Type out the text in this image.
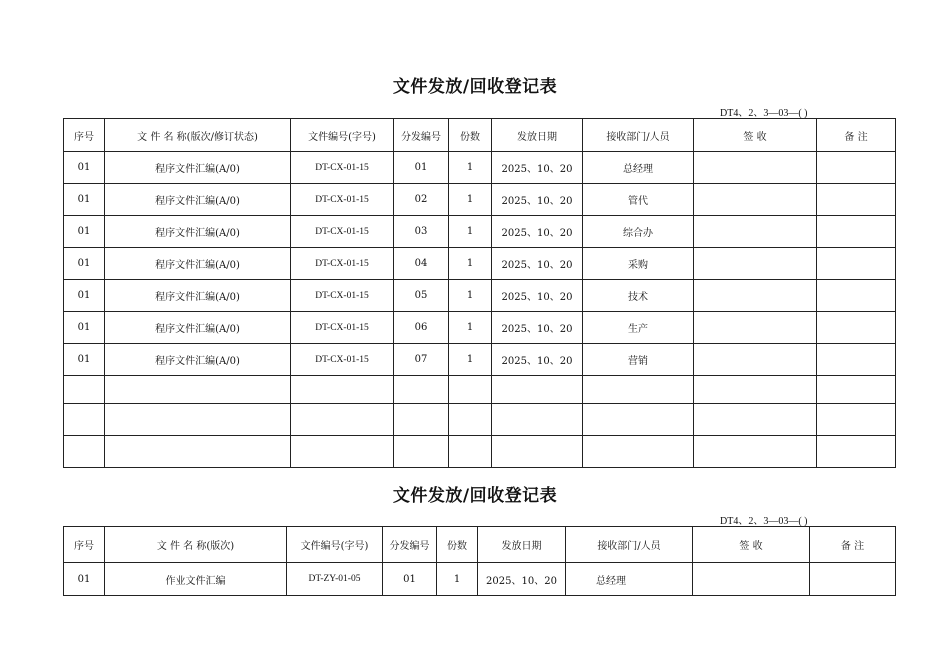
文件发放/回收登记表
DT4、2、3—03—( )
序号	文 件 名 称(版次/修订状态)	文件编号(字号)	分发编号	份数	发放日期	接收部门/人员	签 收	备 注
01	程序文件汇编(A/0)	DT-CX-01-15	01	1	2025、10、20	总经理		
01	程序文件汇编(A/0)	DT-CX-01-15	02	1	2025、10、20	管代		
01	程序文件汇编(A/0)	DT-CX-01-15	03	1	2025、10、20	综合办		
01	程序文件汇编(A/0)	DT-CX-01-15	04	1	2025、10、20	采购		
01	程序文件汇编(A/0)	DT-CX-01-15	05	1	2025、10、20	技术		
01	程序文件汇编(A/0)	DT-CX-01-15	06	1	2025、10、20	生产		
01	程序文件汇编(A/0)	DT-CX-01-15	07	1	2025、10、20	营销		

文件发放/回收登记表
DT4、2、3—03—( )
序号	文 件 名 称(版次)	文件编号(字号)	分发编号	份数	发放日期	接收部门/人员	签 收	备 注
01	作业文件汇编	DT-ZY-01-05	01	1	2025、10、20	总经理		
